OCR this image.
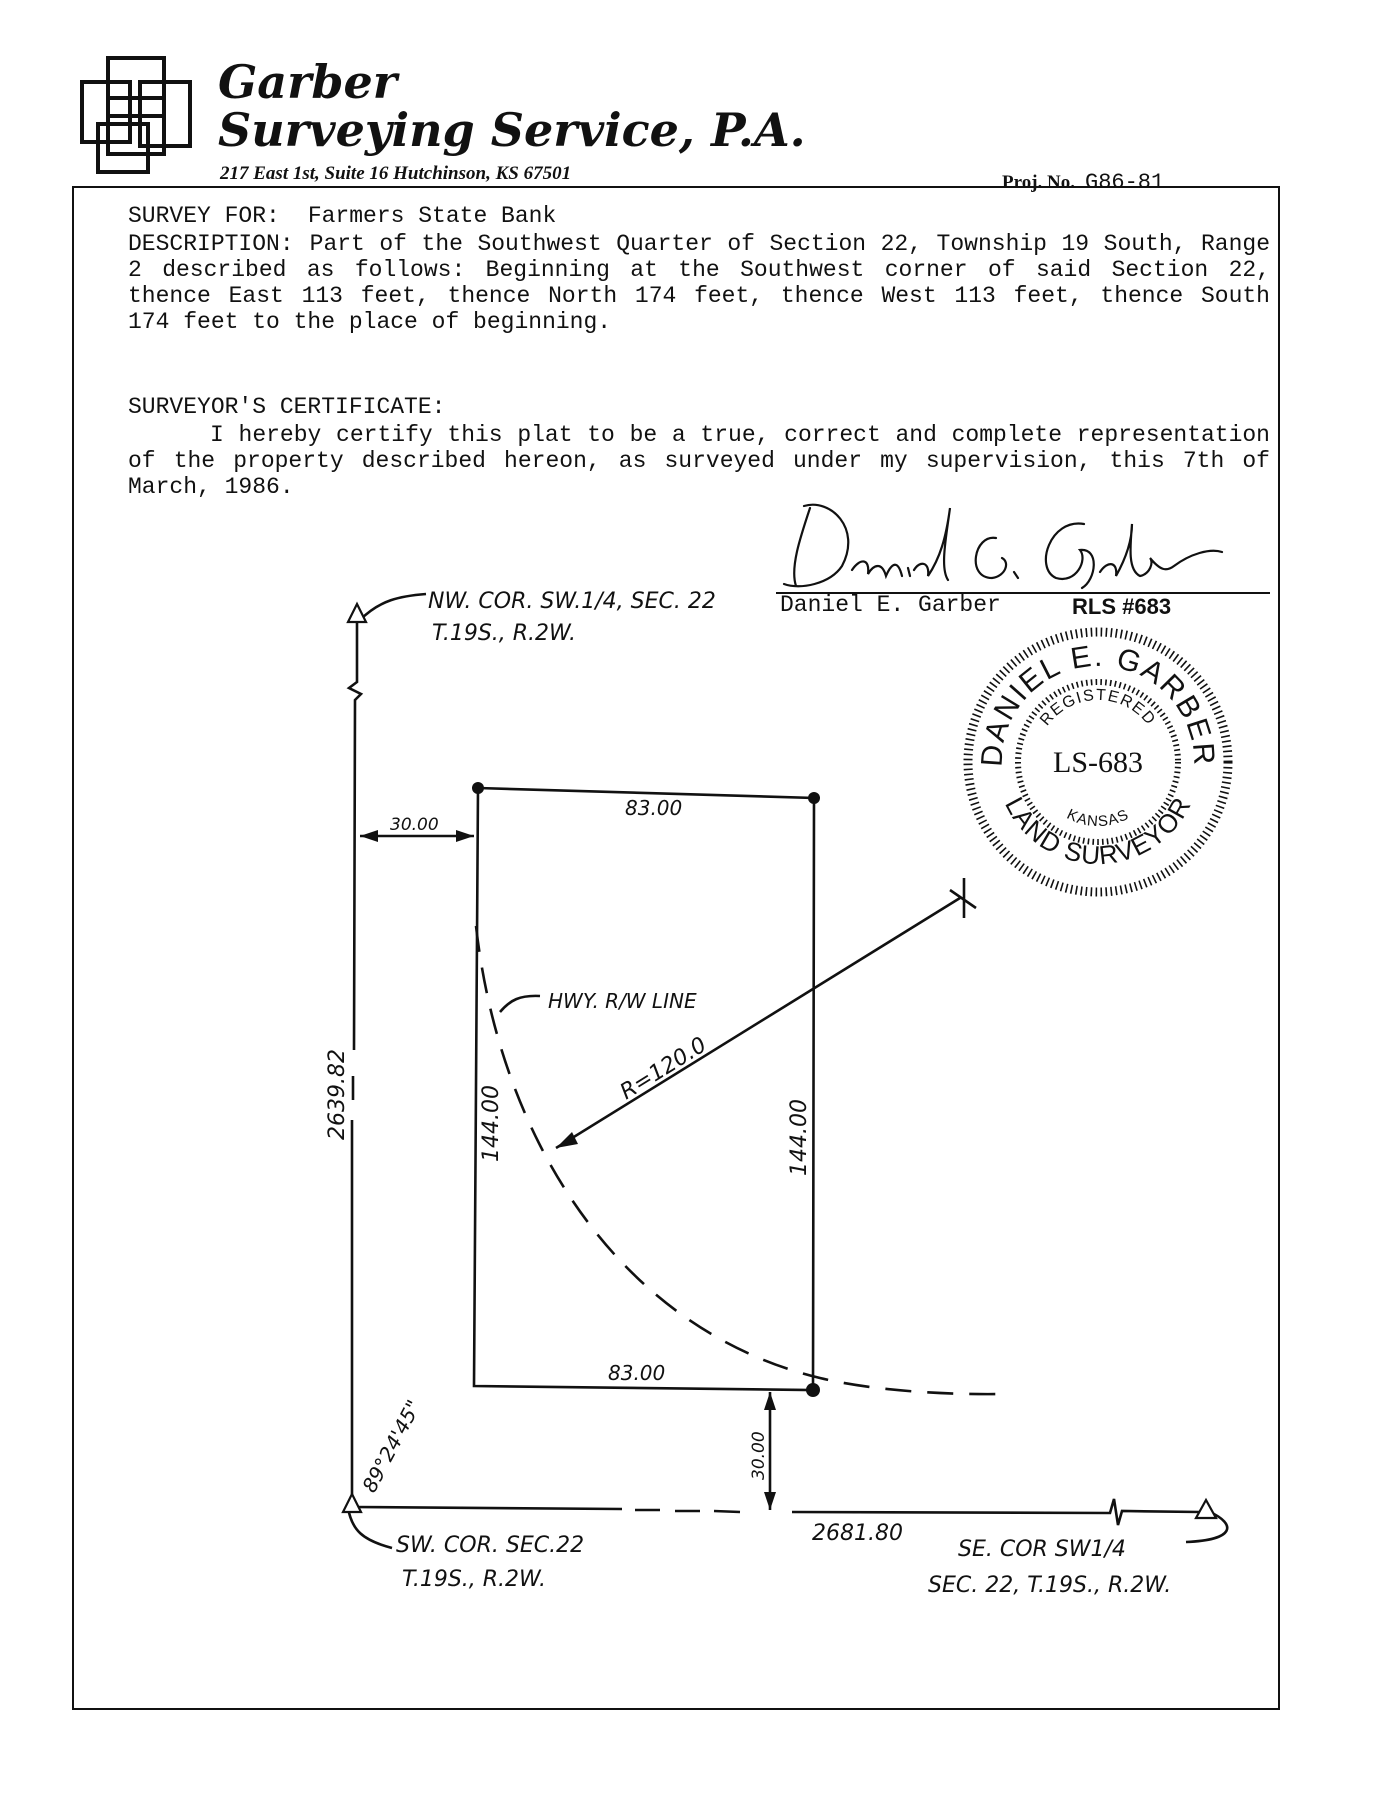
Garber
Surveying Service, P.A.
217 East 1st, Suite 16 Hutchinson, KS 67501	Proj. No. G86-81
SURVEY FOR: Farmers State Bank
DESCRIPTION: Part of the Southwest Quarter of Section 22, Township 19 South, Range 2 described as follows: Beginning at the Southwest corner of said Section 22, thence East 113 feet, thence North 174 feet, thence West 113 feet, thence South 174 feet to the place of beginning.
SURVEYOR'S CERTIFICATE:
I hereby certify this plat to be a true, correct and complete representation of the property described hereon, as surveyed under my supervision, this 7th of March, 1986.
Daniel E. Garber	RLS #683
DANIEL E. GARBER
REGISTERED
LS-683
KANSAS
LAND SURVEYOR
NW. COR. SW.1/4, SEC. 22
T.19S., R.2W.
SW. COR. SEC.22
T.19S., R.2W.
SE. COR SW1/4
SEC. 22, T.19S., R.2W.
2681.80
83.00
83.00
30.00
HWY. R/W LINE
2639.82	144.00	144.00
30.00
R=120.0
89°24'45"
